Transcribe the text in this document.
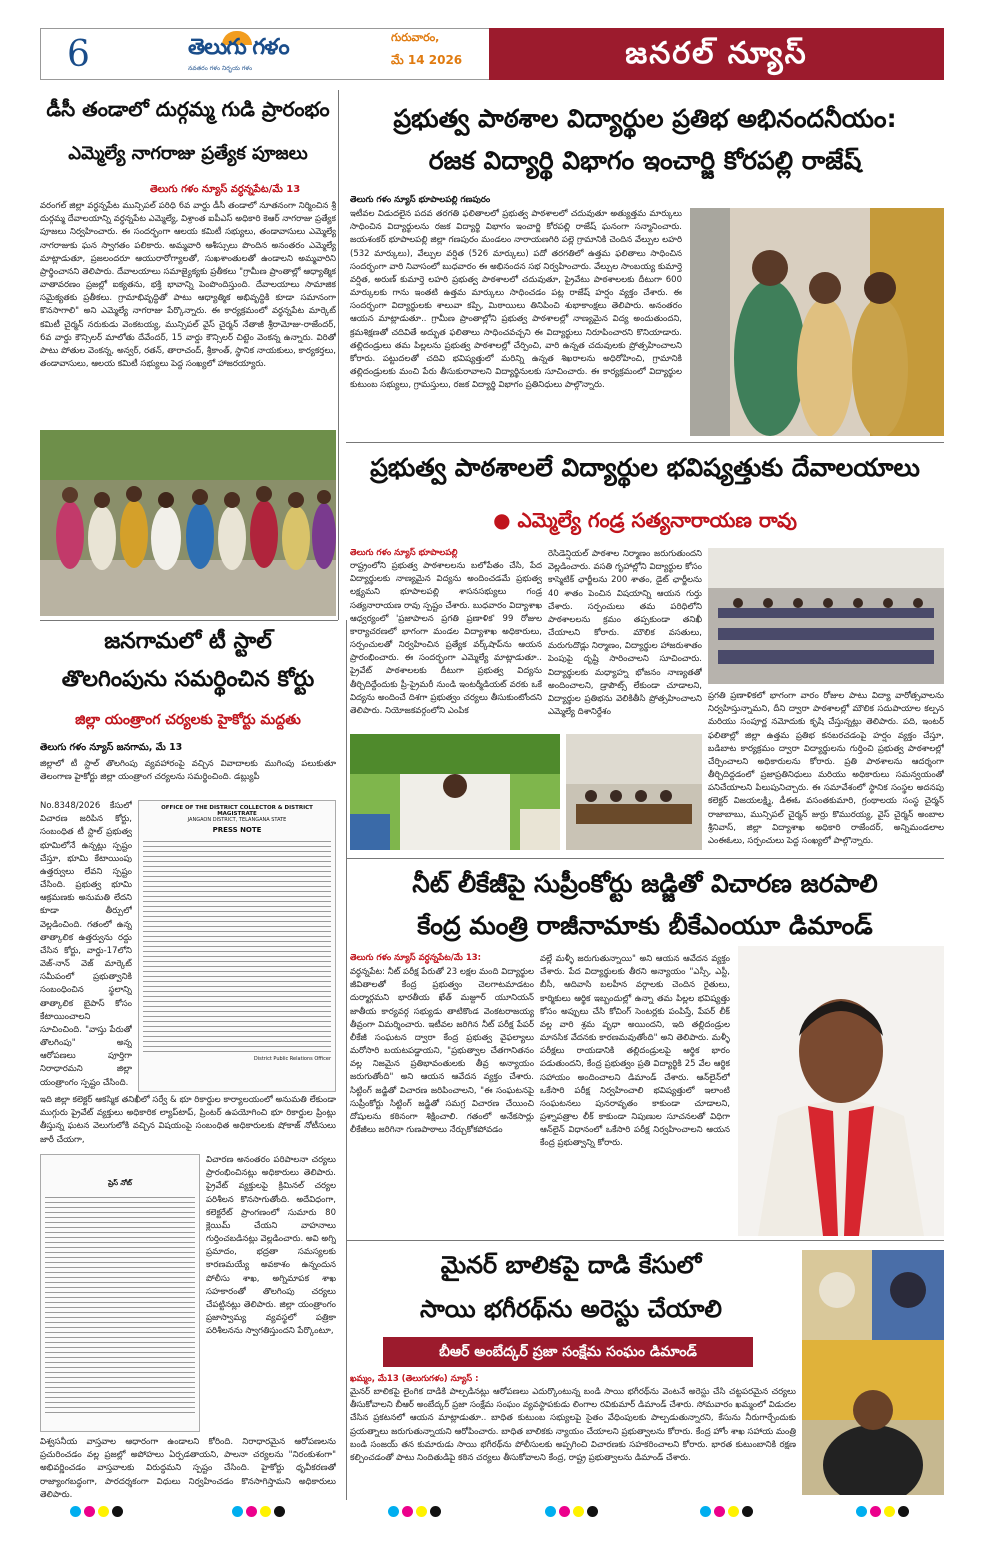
6	తెలుగు గళం
నవతరం గళం నిర్భయ గళం
గురువారం,
మే 14 2026	జనరల్ న్యూస్
డీసీ తండాలో దుర్గమ్మ గుడి ప్రారంభం
ఎమ్మెల్యే నాగరాజు ప్రత్యేక పూజలు
తెలుగు గళం న్యూస్ వర్ధన్నపేట/మే 13
వరంగల్ జిల్లా వర్ధన్నపేట మున్సిపల్ పరిధి 6వ వార్డు డీసీ తండాలో నూతనంగా నిర్మించిన శ్రీ దుర్గమ్మ దేవాలయాన్ని వర్ధన్నపేట ఎమ్మెల్యే, విశ్రాంత ఐపీఎస్ అధికారి కెఆర్ నాగరాజు ప్రత్యేక పూజలు నిర్వహించారు. ఈ సందర్భంగా ఆలయ కమిటీ సభ్యులు, తండావాసులు ఎమ్మెల్యే నాగరాజుకు ఘన స్వాగతం పలికారు. అమ్మవారి ఆశీస్సులు పొందిన అనంతరం ఎమ్మెల్యే మాట్లాడుతూ, ప్రజలందరూ ఆయురారోగ్యాలతో, సుఖశాంతులతో ఉండాలని అమ్మవారిని ప్రార్థించానని తెలిపారు. దేవాలయాలు సమాజ్యైక్యకు ప్రతీకలు "గ్రామీణ ప్రాంతాల్లో ఆధ్యాత్మిక వాతావరణం ప్రజల్లో ఐక్యతను, భక్తి భావాన్ని పెంపొందిస్తుంది. దేవాలయాలు సామాజిక సమైక్యతకు ప్రతీకలు. గ్రామాభివృద్ధితో పాటు ఆధ్యాత్మిక అభివృద్ధికి కూడా సమానంగా కొనసాగాలి" అని ఎమ్మెల్యే నాగరాజు పేర్కొన్నారు. ఈ కార్యక్రమంలో వర్ధన్నపేట మార్కెట్ కమిటీ చైర్మన్ నరుకుడు వెంకటయ్య, మున్సిపల్ వైస్ చైర్మన్ నేతాజీ శ్రీరామోజు-రాజేందర్, 6వ వార్డు కౌన్సిలర్ మాలోతు దేవేందర్, 15 వార్డు కౌన్సిలర్ చిట్టెం వెంకన్న ఉన్నారు. విరితో పాటు పోతుల వెంకన్న, అన్వర్, రతన్, తారాచంద్, శ్రీకాంత్, స్థానిక నాయకులు, కార్యకర్తలు, తండావాసులు, ఆలయ కమిటీ సభ్యులు పెద్ద సంఖ్యలో హాజరయ్యారు.
ప్రభుత్వ పాఠశాల విద్యార్థుల ప్రతిభ అభినందనీయం:
రజక విద్యార్థి విభాగం ఇంచార్జి కోరపల్లి రాజేష్
తెలుగు గళం న్యూస్ భూపాలపల్లి గణపురం
ఇటీవల విడుదలైన పదవ తరగతి ఫలితాలలో ప్రభుత్వ పాఠశాలలో చదువుతూ అత్యుత్తమ మార్కులు సాధించిన విద్యార్థులను రజక విద్యార్థి విభాగం ఇంచార్జి కోరపల్లి రాజేష్ ఘనంగా సన్మానించారు. జయశంకర్ భూపాలపల్లి జిల్లా గణపురం మండలం నారాయణగిరి పల్లె గ్రామానికి చెందిన వేల్పుల లహరి (532 మార్కులు), వేల్పుల వర్షిత (526 మార్కులు) పదో తరగతిలో ఉత్తమ ఫలితాలు సాధించిన సందర్భంగా వారి నివాసంలో బుధవారం ఈ అభినందన సభ నిర్వహించారు. వేల్పుల సాంబయ్య కుమార్తె వర్షిత, అరుణ్ కుమార్తె లహరి ప్రభుత్వ పాఠశాలలో చదువుతూ, ప్రైవేటు పాఠశాలలకు దీటుగా 600 మార్కులకు గాను ఇంతటి ఉత్తమ మార్కులు సాధించడం పట్ల రాజేష్ హర్షం వ్యక్తం చేశారు. ఈ సందర్భంగా విద్యార్థులకు శాలువా కప్పి, మిఠాయిలు తినిపించి శుభాకాంక్షలు తెలిపారు. అనంతరం ఆయన మాట్లాడుతూ.. గ్రామీణ ప్రాంతాల్లోని ప్రభుత్వ పాఠశాలల్లో నాణ్యమైన విద్య అందుతుందని, క్రమశిక్షణతో చదివితే అద్భుత ఫలితాలు సాధించవచ్చని ఈ విద్యార్థులు నిరూపించారని కొనియాడారు. తల్లిదండ్రులు తమ పిల్లలను ప్రభుత్వ పాఠశాలల్లో చేర్పించి, వారి ఉన్నత చదువులకు ప్రోత్సహించాలని కోరారు. పట్టుదలతో చదివి భవిష్యత్తులో మరిన్ని ఉన్నత శిఖరాలను అధిరోహించి, గ్రామానికి తల్లిదండ్రులకు మంచి పేరు తీసుకురావాలని విద్యార్థినులకు సూచించారు. ఈ కార్యక్రమంలో విద్యార్థుల కుటుంబ సభ్యులు, గ్రామస్తులు, రజక విద్యార్థి విభాగం ప్రతినిధులు పాల్గొన్నారు.
ప్రభుత్వ పాఠశాలలే విద్యార్థుల భవిష్యత్తుకు దేవాలయాలు
● ఎమ్మెల్యే గండ్ర సత్యనారాయణ రావు
తెలుగు గళం న్యూస్ భూపాలపల్లి
రాష్ట్రంలోని ప్రభుత్వ పాఠశాలలను బలోపేతం చేసి, పేద విద్యార్థులకు నాణ్యమైన విద్యను అందించడమే ప్రభుత్వ లక్ష్యమని భూపాలపల్లి శాసనసభ్యులు గండ్ర సత్యనారాయణ రావు స్పష్టం చేశారు. బుధవారం విద్యాశాఖ ఆధ్వర్యంలో 'ప్రజాపాలన ప్రగతి ప్రణాళిక' 99 రోజుల కార్యాచరణలో భాగంగా మండల విద్యాశాఖ అధికారులు, సర్పంచులతో నిర్వహించిన ప్రత్యేక వర్క్‌షాప్‌ను ఆయన ప్రారంభించారు. ఈ సందర్భంగా ఎమ్మెల్యే మాట్లాడుతూ.. ప్రైవేట్ పాఠశాలలకు దీటుగా ప్రభుత్వ విద్యను తీర్చిదిద్దేందుకు ప్రీ-ప్రైమరీ నుండి ఇంటర్మీడియట్ వరకు ఒకే విద్యను అందించే దిశగా ప్రభుత్వం చర్యలు తీసుకుంటోందని తెలిపారు. నియోజకవర్గంలోని ఎంపిక
రెసిడెన్షియల్ పాఠశాల నిర్మాణం జరుగుతుందని వెల్లడించారు. వసతి గృహాల్లోని విద్యార్థుల కోసం కాస్మెటిక్ ఛార్జీలను 200 శాతం, డైట్ ఛార్జీలను 40 శాతం పెంచిన విషయాన్ని ఆయన గుర్తు చేశారు. సర్పంచులు తమ పరిధిలోని పాఠశాలలను క్రమం తప్పకుండా తనిఖీ చేయాలని కోరారు. మౌలిక వసతులు, మరుగుదొడ్లు నిర్మాణం, విద్యార్థుల హాజరుశాతం పెంపుపై దృష్టి సారించాలని సూచించారు. విద్యార్థులకు మధ్యాహ్న భోజనం నాణ్యతతో అందించాలని, డ్రాపౌట్స్ లేకుండా చూడాలని, విద్యార్థుల ప్రతిభను వెలికితీసి ప్రోత్సహించాలని ఎమ్మెల్యే దిశానిర్దేశం
ప్రగతి ప్రణాళికలో భాగంగా వారం రోజుల పాటు విద్యా వారోత్సవాలను నిర్వహిస్తున్నామని, దీని ద్వారా పాఠశాలల్లో మౌలిక సదుపాయాల కల్పన మరియు సంపూర్ణ నమోదుకు కృషి చేస్తున్నట్లు తెలిపారు. పది, ఇంటర్ ఫలితాల్లో జిల్లా ఉత్తమ ప్రతిభ కనబరచడంపై హర్షం వ్యక్తం చేస్తూ, బడిబాట కార్యక్రమం ద్వారా విద్యార్థులను గుర్తించి ప్రభుత్వ పాఠశాలల్లో చేర్పించాలని అధికారులను కోరారు. ప్రతి పాఠశాలను ఆదర్శంగా తీర్చిదిద్దడంలో ప్రజాప్రతినిధులు మరియు అధికారులు సమన్వయంతో పనిచేయాలని పిలుపునిచ్చారు. ఈ సమావేశంలో స్థానిక సంస్థల అదనపు కలెక్టర్ విజయలక్ష్మి, డీఈఓ వసంతకుమారి, గ్రంథాలయ సంస్థ చైర్మన్ రాజాబాబు, మున్సిపల్ చైర్మన్ జుర్రు కొమురయ్య, వైస్ చైర్మన్ అంబాల శ్రీనివాస్, జిల్లా విద్యాశాఖ అధికారి రాజేందర్, అన్నిమండలాల ఎంఈఓలు, సర్పంచులు పెద్ద సంఖ్యలో పాల్గొన్నారు.
జనగామలో టీ స్టాల్
తొలగింపును సమర్థించిన కోర్టు
జిల్లా యంత్రాంగ చర్యలకు హైకోర్టు మద్దతు
తెలుగు గళం న్యూస్ జనగామ, మే 13
జిల్లాలో టీ స్టాల్ తొలగింపు వ్యవహారంపై వచ్చిన వివాదాలకు ముగింపు పలుకుతూ తెలంగాణ హైకోర్టు జిల్లా యంత్రాంగ చర్యలను సమర్థించింది. డబ్ల్యుపీ
No.8348/2026 కేసులో విచారణ జరిపిన కోర్టు, సంబంధిత టీ స్టాల్ ప్రభుత్వ భూమిలోనే ఉన్నట్లు స్పష్టం చేస్తూ, భూమి కేటాయింపు ఉత్తర్వులు లేవని స్పష్టం చేసింది. ప్రభుత్వ భూమి ఆక్రమణకు అనుమతి లేదని కూడా తీర్పులో వెల్లడించింది. గతంలో ఉన్న తాత్కాలిక ఉత్తర్వును రద్దు చేసిన కోర్టు, వార్డు-17లోని వెజ్-నాన్ వెజ్ మార్కెట్ సమీపంలో ప్రభుత్వానికి సంబంధించిన స్థలాన్ని తాత్కాలిక బైపాస్ కోసం కేటాయించాలని సూచించింది. "వాస్తు పేరుతో తొలగింపు" అన్న ఆరోపణలు పూర్తిగా నిరాధారమని జిల్లా యంత్రాంగం స్పష్టం చేసింది.
OFFICE OF THE DISTRICT COLLECTOR & DISTRICT MAGISTRATE
JANGAON DISTRICT, TELANGANA STATE
PRESS NOTE
District Public Relations Officer
ఇది జిల్లా కలెక్టర్ ఆకస్మిక తనిఖీలో సర్వే & భూ రికార్డుల కార్యాలయంలో అనుమతి లేకుండా ముగ్గురు ప్రైవేట్ వ్యక్తులు అధికారిక ల్యాప్‌టాప్, ప్రింటర్ ఉపయోగించి భూ రికార్డుల ప్రింట్లు తీస్తున్న ఘటన వెలుగులోకి వచ్చిన విషయంపై సంబంధిత అధికారులకు షోకాజ్ నోటీసులు జారీ చేయగా,
ప్రెస్ నోట్
విచారణ అనంతరం పరిపాలనా చర్యలు ప్రారంభించినట్లు అధికారులు తెలిపారు. ప్రైవేట్ వ్యక్తులపై క్రిమినల్ చర్యల పరిశీలన కొనసాగుతోంది. అదేవిధంగా, కలెక్టరేట్ ప్రాంగణంలో సుమారు 80 క్లెయిమ్ చేయని వాహనాలు గుర్తించబడినట్లు వెల్లడించారు. అవి అగ్ని ప్రమాదం, భద్రతా సమస్యలకు కారణమయ్యే అవకాశం ఉన్నందున పోలీసు శాఖ, అగ్నిమాపక శాఖ సహకారంతో తొలగింపు చర్యలు చేపట్టినట్లు తెలిపారు. జిల్లా యంత్రాంగం ప్రజాస్వామ్య వ్యవస్థలో పత్రికా పరిశీలనను స్వాగతిస్తుందని పేర్కొంటూ,
విశ్వసనీయ వాస్తవాల ఆధారంగా ఉండాలని కోరింది. నిరాధారమైన ఆరోపణలను ప్రచురించడం వల్ల ప్రజల్లో అపోహలు ఏర్పడతాయని, పాలనా చర్యలను "నిరంకుశంగా" అభివర్ణించడం వాస్తవాలకు విరుద్ధమని స్పష్టం చేసింది. హైకోర్టు ధృవీకరణతో రాజ్యాంగబద్ధంగా, పారదర్శకంగా విధులు నిర్వహించడం కొనసాగిస్తామని అధికారులు తెలిపారు.
నీట్ లీకేజీపై సుప్రీంకోర్టు జడ్జితో విచారణ జరపాలి
కేంద్ర మంత్రి రాజీనామాకు బీకేఎంయూ డిమాండ్
తెలుగు గళం న్యూస్ వర్ధన్నపేట/మే 13:
వర్ధన్నపేట: నీట్ పరీక్ష పేరుతో 23 లక్షల మంది విద్యార్థుల జీవితాలతో కేంద్ర ప్రభుత్వం చెలగాటమాడటం దుర్మార్గమని భారతీయ ఖేత్ మజ్దూర్ యూనియన్ జాతీయ కార్యవర్గ సభ్యుడు తాటికొండ వెంకటరాజయ్య తీవ్రంగా విమర్శించారు. ఇటీవల జరిగిన నీట్ పరీక్ష పేపర్ లీకేజీ సంఘటన ద్వారా కేంద్ర ప్రభుత్వ వైఫల్యాలు మరోసారి బయటపడ్డాయని, "ప్రభుత్వాల చేతగానితనం వల్ల నిజమైన ప్రతిభావంతులకు తీవ్ర అన్యాయం జరుగుతోంది" అని ఆయన ఆవేదన వ్యక్తం చేశారు. సిట్టింగ్ జడ్జితో విచారణ జరిపించాలని, "ఈ సంఘటనపై సుప్రీంకోర్టు సిట్టింగ్ జడ్జితో సమగ్ర విచారణ చేయించి దోషులను కఠినంగా శిక్షించాలి. గతంలో అనేకసార్లు లీకేజీలు జరిగినా గుణపాఠాలు నేర్చుకోకపోవడం
వల్లే మళ్ళీ జరుగుతున్నాయి" అని ఆయన ఆవేదన వ్యక్తం చేశారు. పేద విద్యార్థులకు తీరని అన్యాయం "ఎస్సీ, ఎస్టీ, బీసీ, ఆదివాసి బలహీన వర్గాలకు చెందిన రైతులు, కార్మికులు ఆర్థిక ఇబ్బందుల్లో ఉన్నా తమ పిల్లల భవిష్యత్తు కోసం అప్పులు చేసి కోచింగ్ సెంటర్లకు పంపిస్తే, పేపర్ లీక్ వల్ల వారి శ్రమ వృధా అయిందని, ఇది తల్లిదండ్రుల మానసిక వేదనకు కారణమవుతోంది" అని తెలిపారు. మళ్ళీ పరీక్షలు రాయడానికి తల్లిదండ్రులపై ఆర్థిక భారం పడుతుందని, కేంద్ర ప్రభుత్వం ప్రతి విద్యార్థికి 25 వేల ఆర్థిక సహాయం అందించాలని డిమాండ్ చేశారు. ఆన్‌లైన్‌లో ఒకేసారి పరీక్ష నిర్వహించాలి భవిష్యత్తులో ఇలాంటి సంఘటనలు పునరావృతం కాకుండా చూడాలని, ప్రశ్నాపత్రాల లీక్ కాకుండా నిపుణుల సూచనలతో విధిగా ఆన్‌లైన్ విధానంలో ఒకేసారి పరీక్ష నిర్వహించాలని ఆయన కేంద్ర ప్రభుత్వాన్ని కోరారు.
మైనర్ బాలికపై దాడి కేసులో
సాయి భగీరథ్‌ను అరెస్టు చేయాలి
బీఆర్ అంబేద్కర్ ప్రజా సంక్షేమ సంఘం డిమాండ్
ఖమ్మం, మే13 (తెలుగుగళం) న్యూస్ :
మైనర్ బాలికపై లైంగిక దాడికి పాల్పడినట్లు ఆరోపణలు ఎదుర్కొంటున్న బండి సాయి భగీరథ్‌ను వెంటనే అరెస్టు చేసి చట్టపరమైన చర్యలు తీసుకోవాలని బీఆర్ అంబేద్కర్ ప్రజా సంక్షేమ సంఘం వ్యవస్థాపకుడు లింగాల రవికుమార్ డిమాండ్ చేశారు. సోమవారం ఖమ్మంలో విడుదల చేసిన ప్రకటనలో ఆయన మాట్లాడుతూ.. బాధిత కుటుంబ సభ్యులపై సైతం వేధింపులకు పాల్పడుతున్నారని, కేసును నీరుగార్చేందుకు ప్రయత్నాలు జరుగుతున్నాయని ఆరోపించారు. బాధిత బాలికకు న్యాయం చేయాలని ప్రభుత్వాలను కోరారు. కేంద్ర హోం శాఖ సహాయ మంత్రి బండి సంజయ్ తన కుమారుడు సాయి భగీరథ్‌ను పోలీసులకు అప్పగించి విచారణకు సహకరించాలని కోరారు. భారత కుటుంబానికి రక్షణ కల్పించడంతో పాటు నిందితుడిపై కఠిన చర్యలు తీసుకోవాలని కేంద్ర, రాష్ట్ర ప్రభుత్వాలను డిమాండ్ చేశారు.
